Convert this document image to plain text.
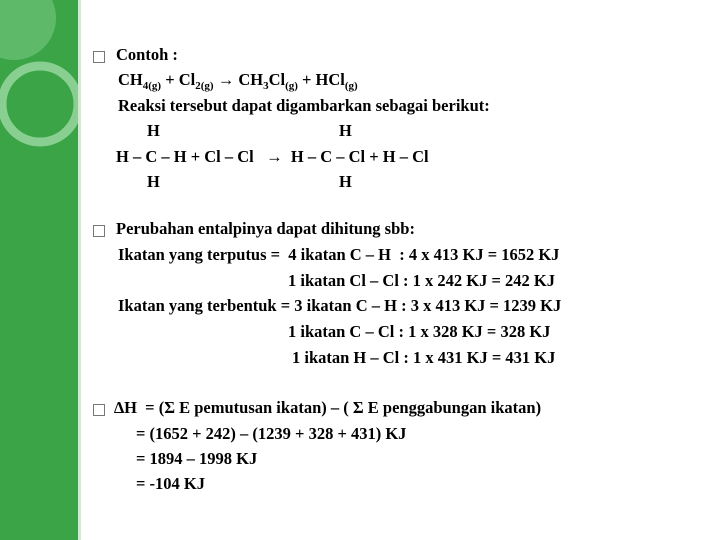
Contoh :
$CH_{4(g)} + Cl_{2(g)} \to CH_3Cl_{(g)} + HCl_{(g)}$
Reaksi tersebut dapat digambarkan sebagai berikut:
H	H
H – C – H + Cl – Cl   →  H – C – Cl + H – Cl
H	H
Perubahan entalpinya dapat dihitung sbb:
Ikatan yang terputus =  4 ikatan C – H  : 4 x 413 KJ = 1652 KJ
1 ikatan Cl – Cl : 1 x 242 KJ = 242 KJ
Ikatan yang terbentuk = 3 ikatan C – H : 3 x 413 KJ = 1239 KJ
1 ikatan C – Cl : 1 x 328 KJ = 328 KJ
1 ikatan H – Cl : 1 x 431 KJ = 431 KJ
∆H  = (Σ E pemutusan ikatan) – ( Σ E penggabungan ikatan)
= (1652 + 242) – (1239 + 328 + 431) KJ
= 1894 – 1998 KJ
= -104 KJ
